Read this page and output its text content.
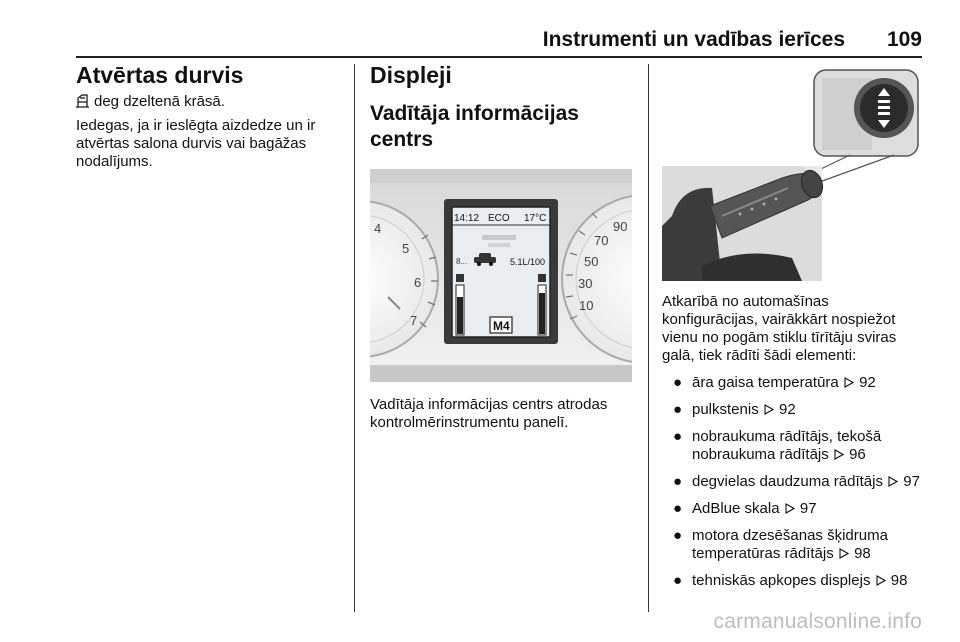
Instrumenti un vadības ierīces 109
Atvērtas durvis

deg dzeltenā krāsā.

Iedegas, ja ir ieslēgta aizdedze un ir atvērtas salona durvis vai bagāžas nodalījums.

Displeji
Vadītāja informācijas centrs
4
5
6
7
90
70
50
30
10
14:12 ECO 17°C
8...	5.1L/100
M4

Vadītāja informācijas centrs atrodas kontrolmērinstrumentu panelī.

Atkarībā no automašīnas konfigurācijas, vairākkārt nospiežot vienu no pogām stiklu tīrītāju sviras galā, tiek rādīti šādi elementi:

● āra gaisa temperatūra 92
● pulkstenis 92
● nobraukuma rādītājs, tekošā nobraukuma rādītājs 96
● degvielas daudzuma rādītājs 97
● AdBlue skala 97
● motora dzesēšanas šķidruma temperatūras rādītājs 98
● tehniskās apkopes displejs 98
carmanualsonline.info
